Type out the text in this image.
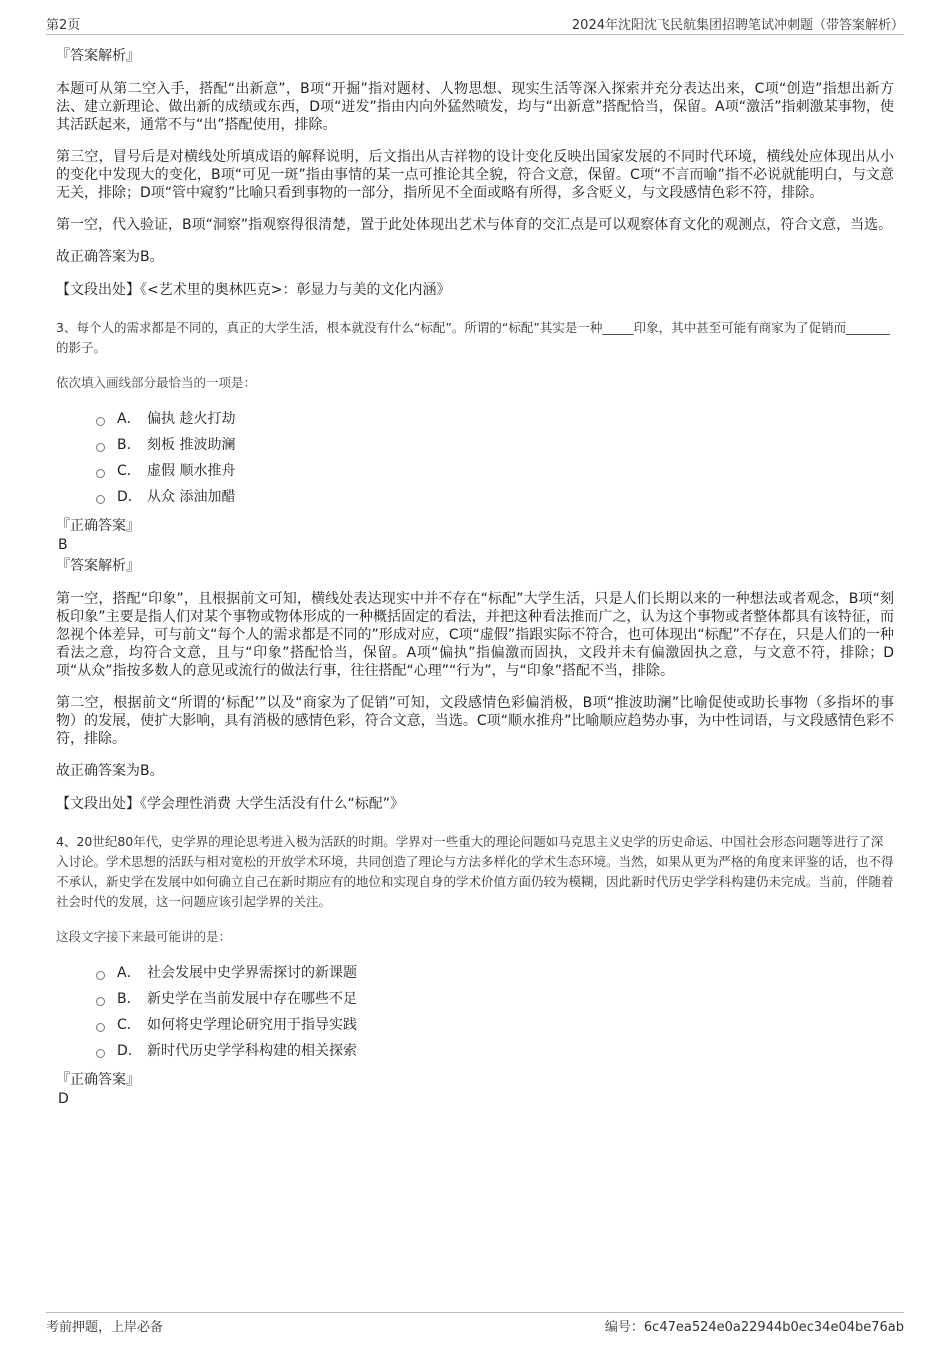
第2页	2024年沈阳沈飞民航集团招聘笔试冲刺题（带答案解析）
『答案解析』

本题可从第二空入手，搭配“出新意”，B项“开掘”指对题材、人物思想、现实生活等深入探索并充分表达出来，C项“创造”指想出新方法、建立新理论、做出新的成绩或东西，D项“迸发”指由内向外猛然喷发，均与“出新意”搭配恰当，保留。A项“激活”指刺激某事物，使其活跃起来，通常不与“出”搭配使用，排除。

第三空，冒号后是对横线处所填成语的解释说明，后文指出从吉祥物的设计变化反映出国家发展的不同时代环境，横线处应体现出从小的变化中发现大的变化，B项“可见一斑”指由事情的某一点可推论其全貌，符合文意，保留。C项“不言而喻”指不必说就能明白，与文意无关，排除；D项“管中窥豹”比喻只看到事物的一部分，指所见不全面或略有所得，多含贬义，与文段感情色彩不符，排除。

第一空，代入验证，B项“洞察”指观察得很清楚，置于此处体现出艺术与体育的交汇点是可以观察体育文化的观测点，符合文意，当选。

故正确答案为B。

【文段出处】《<艺术里的奥林匹克>：彰显力与美的文化内涵》
3、每个人的需求都是不同的，真正的大学生活，根本就没有什么“标配”。所谓的“标配”其实是一种_____印象，其中甚至可能有商家为了促销而_______的影子。
依次填入画线部分最恰当的一项是：
A． 偏执 趁火打劫
B． 刻板 推波助澜
C． 虚假 顺水推舟
D． 从众 添油加醋
『正确答案』
B
『答案解析』

第一空，搭配“印象”，且根据前文可知，横线处表达现实中并不存在“标配”大学生活，只是人们长期以来的一种想法或者观念，B项“刻板印象”主要是指人们对某个事物或物体形成的一种概括固定的看法，并把这种看法推而广之，认为这个事物或者整体都具有该特征，而忽视个体差异，可与前文“每个人的需求都是不同的”形成对应，C项“虚假”指跟实际不符合，也可体现出“标配”不存在，只是人们的一种看法之意，均符合文意，且与“印象”搭配恰当，保留。A项“偏执”指偏激而固执，文段并未有偏激固执之意，与文意不符，排除；D项“从众”指按多数人的意见或流行的做法行事，往往搭配“心理”“行为”，与“印象”搭配不当，排除。

第二空，根据前文“所谓的‘标配’”以及“商家为了促销”可知，文段感情色彩偏消极，B项“推波助澜”比喻促使或助长事物（多指坏的事物）的发展，使扩大影响，具有消极的感情色彩，符合文意，当选。C项“顺水推舟”比喻顺应趋势办事，为中性词语，与文段感情色彩不符，排除。

故正确答案为B。

【文段出处】《学会理性消费 大学生活没有什么“标配”》
4、20世纪80年代，史学界的理论思考进入极为活跃的时期。学界对一些重大的理论问题如马克思主义史学的历史命运、中国社会形态问题等进行了深入讨论。学术思想的活跃与相对宽松的开放学术环境，共同创造了理论与方法多样化的学术生态环境。当然，如果从更为严格的角度来评鉴的话，也不得不承认，新史学在发展中如何确立自己在新时期应有的地位和实现自身的学术价值方面仍较为模糊，因此新时代历史学学科构建仍未完成。当前，伴随着社会时代的发展，这一问题应该引起学界的关注。
这段文字接下来最可能讲的是：
A． 社会发展中史学界需探讨的新课题
B． 新史学在当前发展中存在哪些不足
C． 如何将史学理论研究用于指导实践
D． 新时代历史学学科构建的相关探索
『正确答案』
D
考前押题，上岸必备	编号：6c47ea524e0a22944b0ec34e04be76ab
